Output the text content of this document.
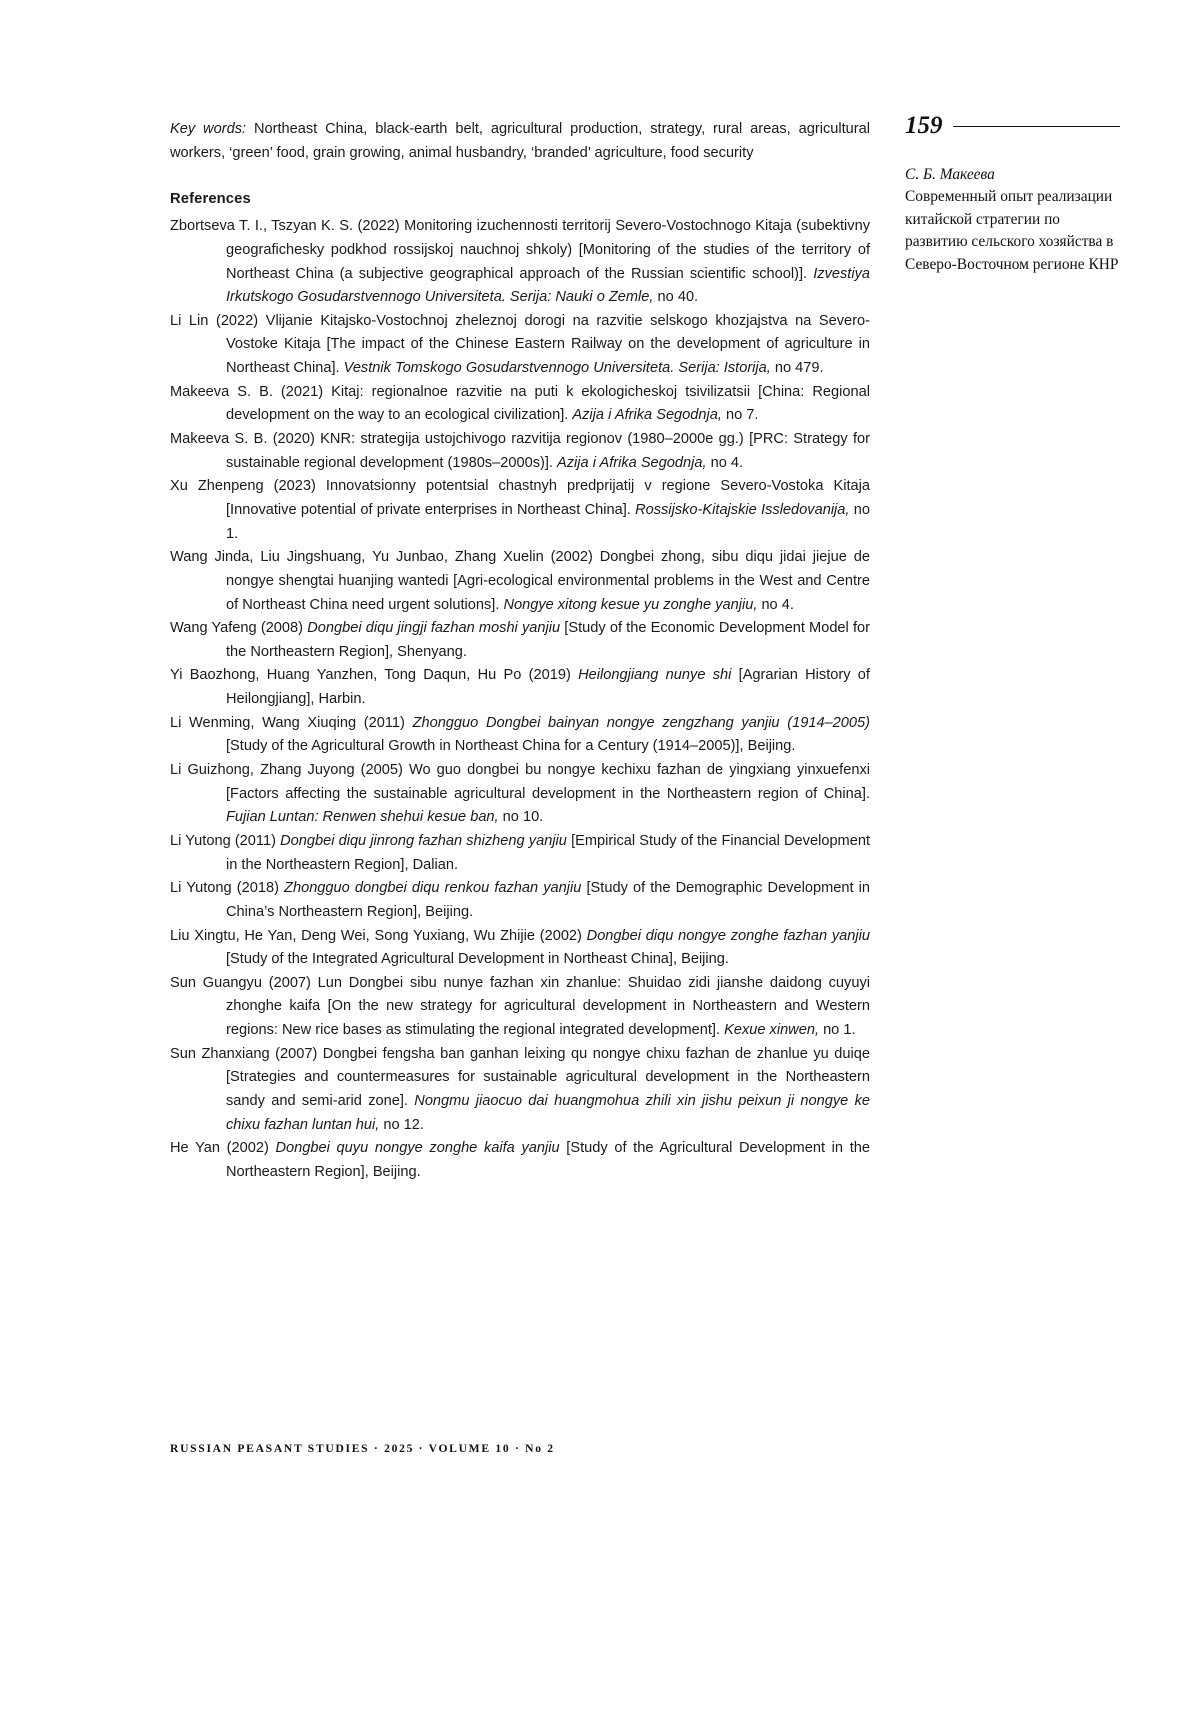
Key words: Northeast China, black-earth belt, agricultural production, strategy, rural areas, agricultural workers, ‘green’ food, grain growing, animal husbandry, ‘branded’ agriculture, food security

References

Zbortseva T. I., Tszyan K. S. (2022) Monitoring izuchennosti territorij Severo-Vostochnogo Kitaja (subektivny geograficheskу podkhod rossijskoj nauchnoj shkoly) [Monitoring of the studies of the territory of Northeast China (a subjective geographical approach of the Russian scientific school)]. Izvestiya Irkutskogo Gosudarstvennogo Universiteta. Serija: Nauki o Zemle, no 40.

Li Lin (2022) Vlijanie Kitajsko-Vostochnoj zheleznoj dorogi na razvitie selskogo khozjajstva na Severo-Vostoke Kitaja [The impact of the Chinese Eastern Railway on the development of agriculture in Northeast China]. Vestnik Tomskogo Gosudarstvennogo Universiteta. Serija: Istorija, no 479.

Makeeva S. B. (2021) Kitaj: regionalnoe razvitie na puti k ekologicheskoj tsivilizatsii [China: Regional development on the way to an ecological civilization]. Azija i Afrika Segodnja, no 7.

Makeeva S. B. (2020) KNR: strategija ustojchivogo razvitija regionov (1980–2000e gg.) [PRC: Strategy for sustainable regional development (1980s–2000s)]. Azija i Afrika Segodnja, no 4.

Xu Zhenpeng (2023) Innovatsionny potentsial chastnyh predprijatij v regione Severo-Vostoka Kitaja [Innovative potential of private enterprises in Northeast China]. Rossijsko-Kitajskie Issledovanija, no 1.

Wang Jinda, Liu Jingshuang, Yu Junbao, Zhang Xuelin (2002) Dongbei zhong, sibu diqu jidai jiejue de nongye shengtai huanjing wantedi [Agri-ecological environmental problems in the West and Centre of Northeast China need urgent solutions]. Nongye xitong kesue yu zonghe yanjiu, no 4.

Wang Yafeng (2008) Dongbei diqu jingji fazhan moshi yanjiu [Study of the Economic Development Model for the Northeastern Region], Shenyang.

Yi Baozhong, Huang Yanzhen, Tong Daqun, Hu Po (2019) Heilongjiang nunye shi [Agrarian History of Heilongjiang], Harbin.

Li Wenming, Wang Xiuqing (2011) Zhongguo Dongbei bainyan nongye zengzhang yanjiu (1914–2005) [Study of the Agricultural Growth in Northeast China for a Century (1914–2005)], Beijing.

Li Guizhong, Zhang Juyong (2005) Wo guo dongbei bu nongye kechixu fazhan de yingxiang yinxuefenxi [Factors affecting the sustainable agricultural development in the Northeastern region of China]. Fujian Luntan: Renwen shehui kesue ban, no 10.

Li Yutong (2011) Dongbei diqu jinrong fazhan shizheng yanjiu [Empirical Study of the Financial Development in the Northeastern Region], Dalian.

Li Yutong (2018) Zhongguo dongbei diqu renkou fazhan yanjiu [Study of the Demographic Development in China’s Northeastern Region], Beijing.

Liu Xingtu, He Yan, Deng Wei, Song Yuxiang, Wu Zhijie (2002) Dongbei diqu nongye zonghe fazhan yanjiu [Study of the Integrated Agricultural Development in Northeast China], Beijing.

Sun Guangyu (2007) Lun Dongbei sibu nunye fazhan xin zhanlue: Shuidao zidi jianshe daidong cuyuyi zhonghe kaifa [On the new strategy for agricultural development in Northeastern and Western regions: New rice bases as stimulating the regional integrated development]. Kexue xinwen, no 1.

Sun Zhanxiang (2007) Dongbei fengsha ban ganhan leixing qu nongye chixu fazhan de zhanlue yu duiqe [Strategies and countermeasures for sustainable agricultural development in the Northeastern sandy and semi-arid zone]. Nongmu jiaocuo dai huangmohua zhili xin jishu peixun ji nongye ke chixu fazhan luntan hui, no 12.

He Yan (2002) Dongbei quyu nongye zonghe kaifa yanjiu [Study of the Agricultural Development in the Northeastern Region], Beijing.

159
С. Б. Макеева
Современный опыт реализации китайской стратегии по развитию сельского хозяйства в Северо-Восточном регионе КНР
RUSSIAN PEASANT STUDIES · 2025 · VOLUME 10 · No 2
